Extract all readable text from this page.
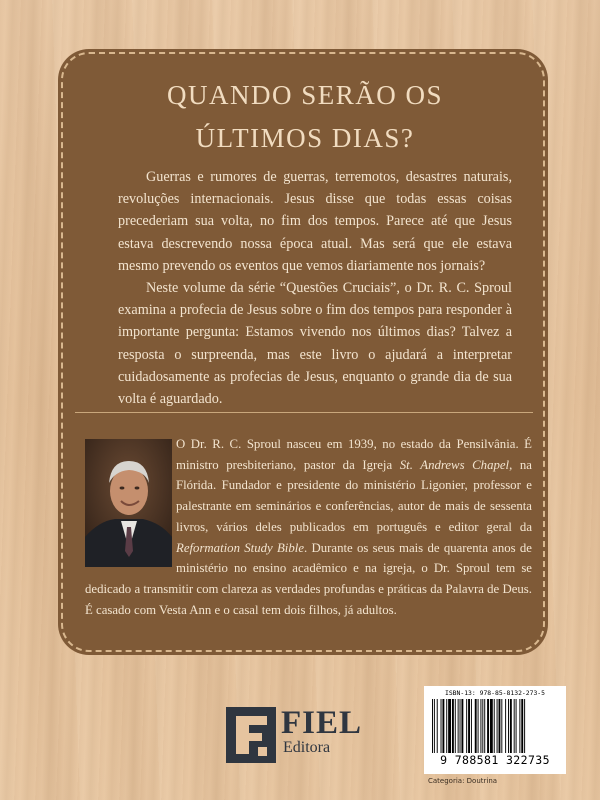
QUANDO SERÃO OS
ÚLTIMOS DIAS?

Guerras e rumores de guerras, terremotos, desastres naturais, revoluções internacionais. Jesus disse que todas essas coisas precederiam sua volta, no fim dos tempos. Parece até que Jesus estava descrevendo nossa época atual. Mas será que ele estava mesmo prevendo os eventos que vemos diariamente nos jornais?

Neste volume da série “Questões Cruciais”, o Dr. R. C. Sproul examina a profecia de Jesus sobre o fim dos tempos para responder à importante pergunta: Estamos vivendo nos últimos dias? Talvez a resposta o surpreenda, mas este livro o ajudará a interpretar cuidadosamente as profecias de Jesus, enquanto o grande dia de sua volta é aguardado.

O Dr. R. C. Sproul nasceu em 1939, no estado da Pensilvânia. É ministro presbiteriano, pastor da Igreja St. Andrews Chapel, na Flórida. Fundador e presidente do ministério Ligonier, professor e palestrante em seminários e conferências, autor de mais de sessenta livros, vários deles publicados em português e editor geral da Reformation Study Bible. Durante os seus mais de quarenta anos de ministério no ensino acadêmico e na igreja, o Dr. Sproul tem se dedicado a transmitir com clareza as verdades profundas e práticas da Palavra de Deus. É casado com Vesta Ann e o casal tem dois filhos, já adultos.

FIEL
Editora
ISBN-13: 978-85-8132-273-5
9 788581 322735
Categoria: Doutrina
